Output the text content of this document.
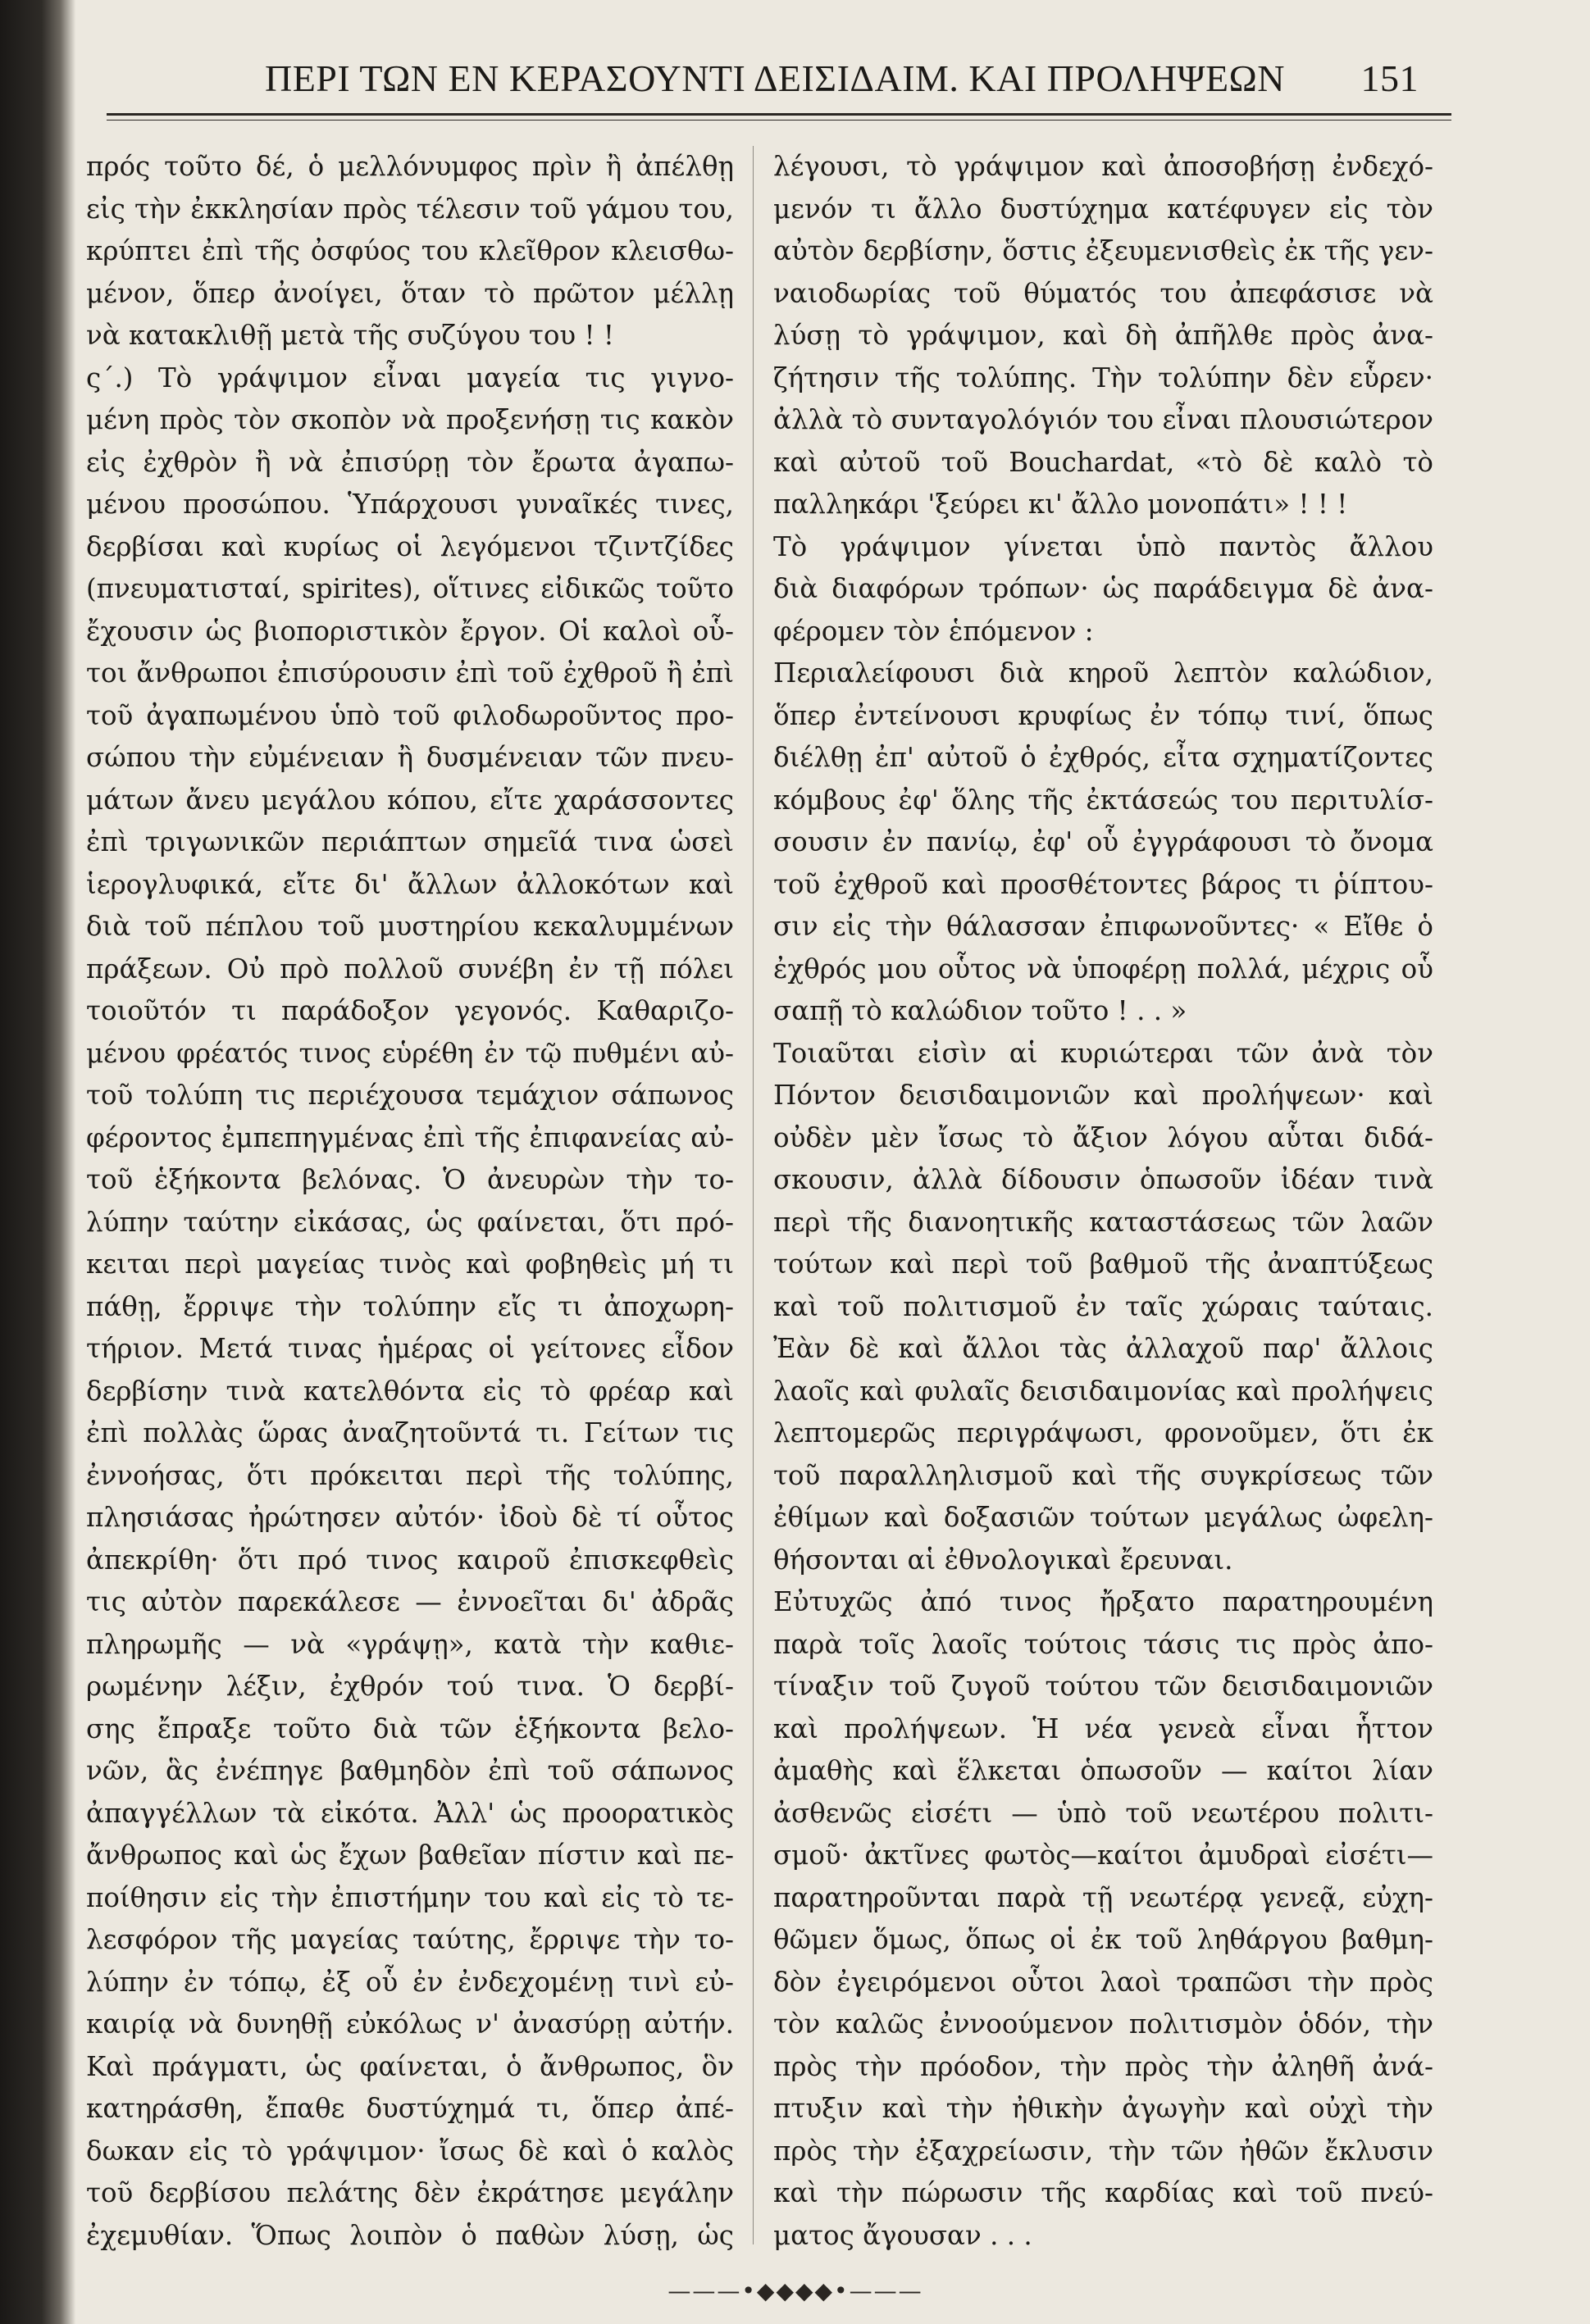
ΠΕΡΙ ΤΩΝ ΕΝ ΚΕΡΑΣΟΥΝΤΙ ΔΕΙΣΙΔΑΙΜ. ΚΑΙ ΠΡΟΛΗΨΕΩΝ	151
πρός τοῦτο δέ, ὁ μελλόνυμφος πρὶν ἢ ἀπέλθῃ
εἰς τὴν ἐκκλησίαν πρὸς τέλεσιν τοῦ γάμου του,
κρύπτει ἐπὶ τῆς ὀσφύος του κλεῖθρον κλεισθω-
μένον, ὅπερ ἀνοίγει, ὅταν τὸ πρῶτον μέλλῃ
νὰ κατακλιθῇ μετὰ τῆς συζύγου του ! !
ς΄.) Τὸ γράψιμον εἶναι μαγεία τις γιγνο-
μένη πρὸς τὸν σκοπὸν νὰ προξενήσῃ τις κακὸν
εἰς ἐχθρὸν ἢ νὰ ἐπισύρῃ τὸν ἔρωτα ἀγαπω-
μένου προσώπου. Ὑπάρχουσι γυναῖκές τινες,
δερβίσαι καὶ κυρίως οἱ λεγόμενοι τζιντζίδες
(πνευματισταί, spirites), οἵτινες εἰδικῶς τοῦτο
ἔχουσιν ὡς βιοποριστικὸν ἔργον. Οἱ καλοὶ οὗ-
τοι ἄνθρωποι ἐπισύρουσιν ἐπὶ τοῦ ἐχθροῦ ἢ ἐπὶ
τοῦ ἀγαπωμένου ὑπὸ τοῦ φιλοδωροῦντος προ-
σώπου τὴν εὐμένειαν ἢ δυσμένειαν τῶν πνευ-
μάτων ἄνευ μεγάλου κόπου, εἴτε χαράσσοντες
ἐπὶ τριγωνικῶν περιάπτων σημεῖά τινα ὡσεὶ
ἱερογλυφικά, εἴτε δι' ἄλλων ἀλλοκότων καὶ
διὰ τοῦ πέπλου τοῦ μυστηρίου κεκαλυμμένων
πράξεων. Οὐ πρὸ πολλοῦ συνέβη ἐν τῇ πόλει
τοιοῦτόν τι παράδοξον γεγονός. Καθαριζο-
μένου φρέατός τινος εὑρέθη ἐν τῷ πυθμένι αὐ-
τοῦ τολύπη τις περιέχουσα τεμάχιον σάπωνος
φέροντος ἐμπεπηγμένας ἐπὶ τῆς ἐπιφανείας αὐ-
τοῦ ἑξήκοντα βελόνας. Ὁ ἀνευρὼν τὴν το-
λύπην ταύτην εἰκάσας, ὡς φαίνεται, ὅτι πρό-
κειται περὶ μαγείας τινὸς καὶ φοβηθεὶς μή τι
πάθῃ, ἔρριψε τὴν τολύπην εἴς τι ἀποχωρη-
τήριον. Μετά τινας ἡμέρας οἱ γείτονες εἶδον
δερβίσην τινὰ κατελθόντα εἰς τὸ φρέαρ καὶ
ἐπὶ πολλὰς ὥρας ἀναζητοῦντά τι. Γείτων τις
ἐννοήσας, ὅτι πρόκειται περὶ τῆς τολύπης,
πλησιάσας ἠρώτησεν αὐτόν· ἰδοὺ δὲ τί οὗτος
ἀπεκρίθη· ὅτι πρό τινος καιροῦ ἐπισκεφθεὶς
τις αὐτὸν παρεκάλεσε — ἐννοεῖται δι' ἀδρᾶς
πληρωμῆς — νὰ «γράψῃ», κατὰ τὴν καθιε-
ρωμένην λέξιν, ἐχθρόν τού τινα. Ὁ δερβί-
σης ἔπραξε τοῦτο διὰ τῶν ἑξήκοντα βελο-
νῶν, ἃς ἐνέπηγε βαθμηδὸν ἐπὶ τοῦ σάπωνος
ἀπαγγέλλων τὰ εἰκότα. Ἀλλ' ὡς προορατικὸς
ἄνθρωπος καὶ ὡς ἔχων βαθεῖαν πίστιν καὶ πε-
ποίθησιν εἰς τὴν ἐπιστήμην του καὶ εἰς τὸ τε-
λεσφόρον τῆς μαγείας ταύτης, ἔρριψε τὴν το-
λύπην ἐν τόπῳ, ἐξ οὗ ἐν ἐνδεχομένῃ τινὶ εὐ-
καιρίᾳ νὰ δυνηθῇ εὐκόλως ν' ἀνασύρῃ αὐτήν.
Καὶ πράγματι, ὡς φαίνεται, ὁ ἄνθρωπος, ὃν
κατηράσθη, ἔπαθε δυστύχημά τι, ὅπερ ἀπέ-
δωκαν εἰς τὸ γράψιμον· ἴσως δὲ καὶ ὁ καλὸς
τοῦ δερβίσου πελάτης δὲν ἐκράτησε μεγάλην
ἐχεμυθίαν. Ὅπως λοιπὸν ὁ παθὼν λύσῃ, ὡς
λέγουσι, τὸ γράψιμον καὶ ἀποσοβήσῃ ἐνδεχό-
μενόν τι ἄλλο δυστύχημα κατέφυγεν εἰς τὸν
αὐτὸν δερβίσην, ὅστις ἐξευμενισθεὶς ἐκ τῆς γεν-
ναιοδωρίας τοῦ θύματός του ἀπεφάσισε νὰ
λύσῃ τὸ γράψιμον, καὶ δὴ ἀπῆλθε πρὸς ἀνα-
ζήτησιν τῆς τολύπης. Τὴν τολύπην δὲν εὗρεν·
ἀλλὰ τὸ συνταγολόγιόν του εἶναι πλουσιώτερον
καὶ αὐτοῦ τοῦ Bouchardat, «τὸ δὲ καλὸ τὸ
παλληκάρι 'ξεύρει κι' ἄλλο μονοπάτι» ! ! !
Τὸ γράψιμον γίνεται ὑπὸ παντὸς ἄλλου
διὰ διαφόρων τρόπων· ὡς παράδειγμα δὲ ἀνα-
φέρομεν τὸν ἑπόμενον :
Περιαλείφουσι διὰ κηροῦ λεπτὸν καλώδιον,
ὅπερ ἐντείνουσι κρυφίως ἐν τόπῳ τινί, ὅπως
διέλθῃ ἐπ' αὐτοῦ ὁ ἐχθρός, εἶτα σχηματίζοντες
κόμβους ἐφ' ὅλης τῆς ἐκτάσεώς του περιτυλίσ-
σουσιν ἐν πανίῳ, ἐφ' οὗ ἐγγράφουσι τὸ ὄνομα
τοῦ ἐχθροῦ καὶ προσθέτοντες βάρος τι ῥίπτου-
σιν εἰς τὴν θάλασσαν ἐπιφωνοῦντες· « Εἴθε ὁ
ἐχθρός μου οὗτος νὰ ὑποφέρῃ πολλά, μέχρις οὗ
σαπῇ τὸ καλώδιον τοῦτο ! . . »
Τοιαῦται εἰσὶν αἱ κυριώτεραι τῶν ἀνὰ τὸν
Πόντον δεισιδαιμονιῶν καὶ προλήψεων· καὶ
οὐδὲν μὲν ἴσως τὸ ἄξιον λόγου αὗται διδά-
σκουσιν, ἀλλὰ δίδουσιν ὁπωσοῦν ἰδέαν τινὰ
περὶ τῆς διανοητικῆς καταστάσεως τῶν λαῶν
τούτων καὶ περὶ τοῦ βαθμοῦ τῆς ἀναπτύξεως
καὶ τοῦ πολιτισμοῦ ἐν ταῖς χώραις ταύταις.
Ἐὰν δὲ καὶ ἄλλοι τὰς ἀλλαχοῦ παρ' ἄλλοις
λαοῖς καὶ φυλαῖς δεισιδαιμονίας καὶ προλήψεις
λεπτομερῶς περιγράψωσι, φρονοῦμεν, ὅτι ἐκ
τοῦ παραλληλισμοῦ καὶ τῆς συγκρίσεως τῶν
ἐθίμων καὶ δοξασιῶν τούτων μεγάλως ὠφελη-
θήσονται αἱ ἐθνολογικαὶ ἔρευναι.
Εὐτυχῶς ἀπό τινος ἤρξατο παρατηρουμένη
παρὰ τοῖς λαοῖς τούτοις τάσις τις πρὸς ἀπο-
τίναξιν τοῦ ζυγοῦ τούτου τῶν δεισιδαιμονιῶν
καὶ προλήψεων. Ἡ νέα γενεὰ εἶναι ἧττον
ἀμαθὴς καὶ ἕλκεται ὁπωσοῦν — καίτοι λίαν
ἀσθενῶς εἰσέτι — ὑπὸ τοῦ νεωτέρου πολιτι-
σμοῦ· ἀκτῖνες φωτὸς—καίτοι ἀμυδραὶ εἰσέτι—
παρατηροῦνται παρὰ τῇ νεωτέρᾳ γενεᾷ, εὐχη-
θῶμεν ὅμως, ὅπως οἱ ἐκ τοῦ ληθάργου βαθμη-
δὸν ἐγειρόμενοι οὗτοι λαοὶ τραπῶσι τὴν πρὸς
τὸν καλῶς ἐννοούμενον πολιτισμὸν ὁδόν, τὴν
πρὸς τὴν πρόοδον, τὴν πρὸς τὴν ἀληθῆ ἀνά-
πτυξιν καὶ τὴν ἠθικὴν ἀγωγὴν καὶ οὐχὶ τὴν
πρὸς τὴν ἐξαχρείωσιν, τὴν τῶν ἠθῶν ἔκλυσιν
καὶ τὴν πώρωσιν τῆς καρδίας καὶ τοῦ πνεύ-
ματος ἄγουσαν . . .
———•◆◆◆◆•———
